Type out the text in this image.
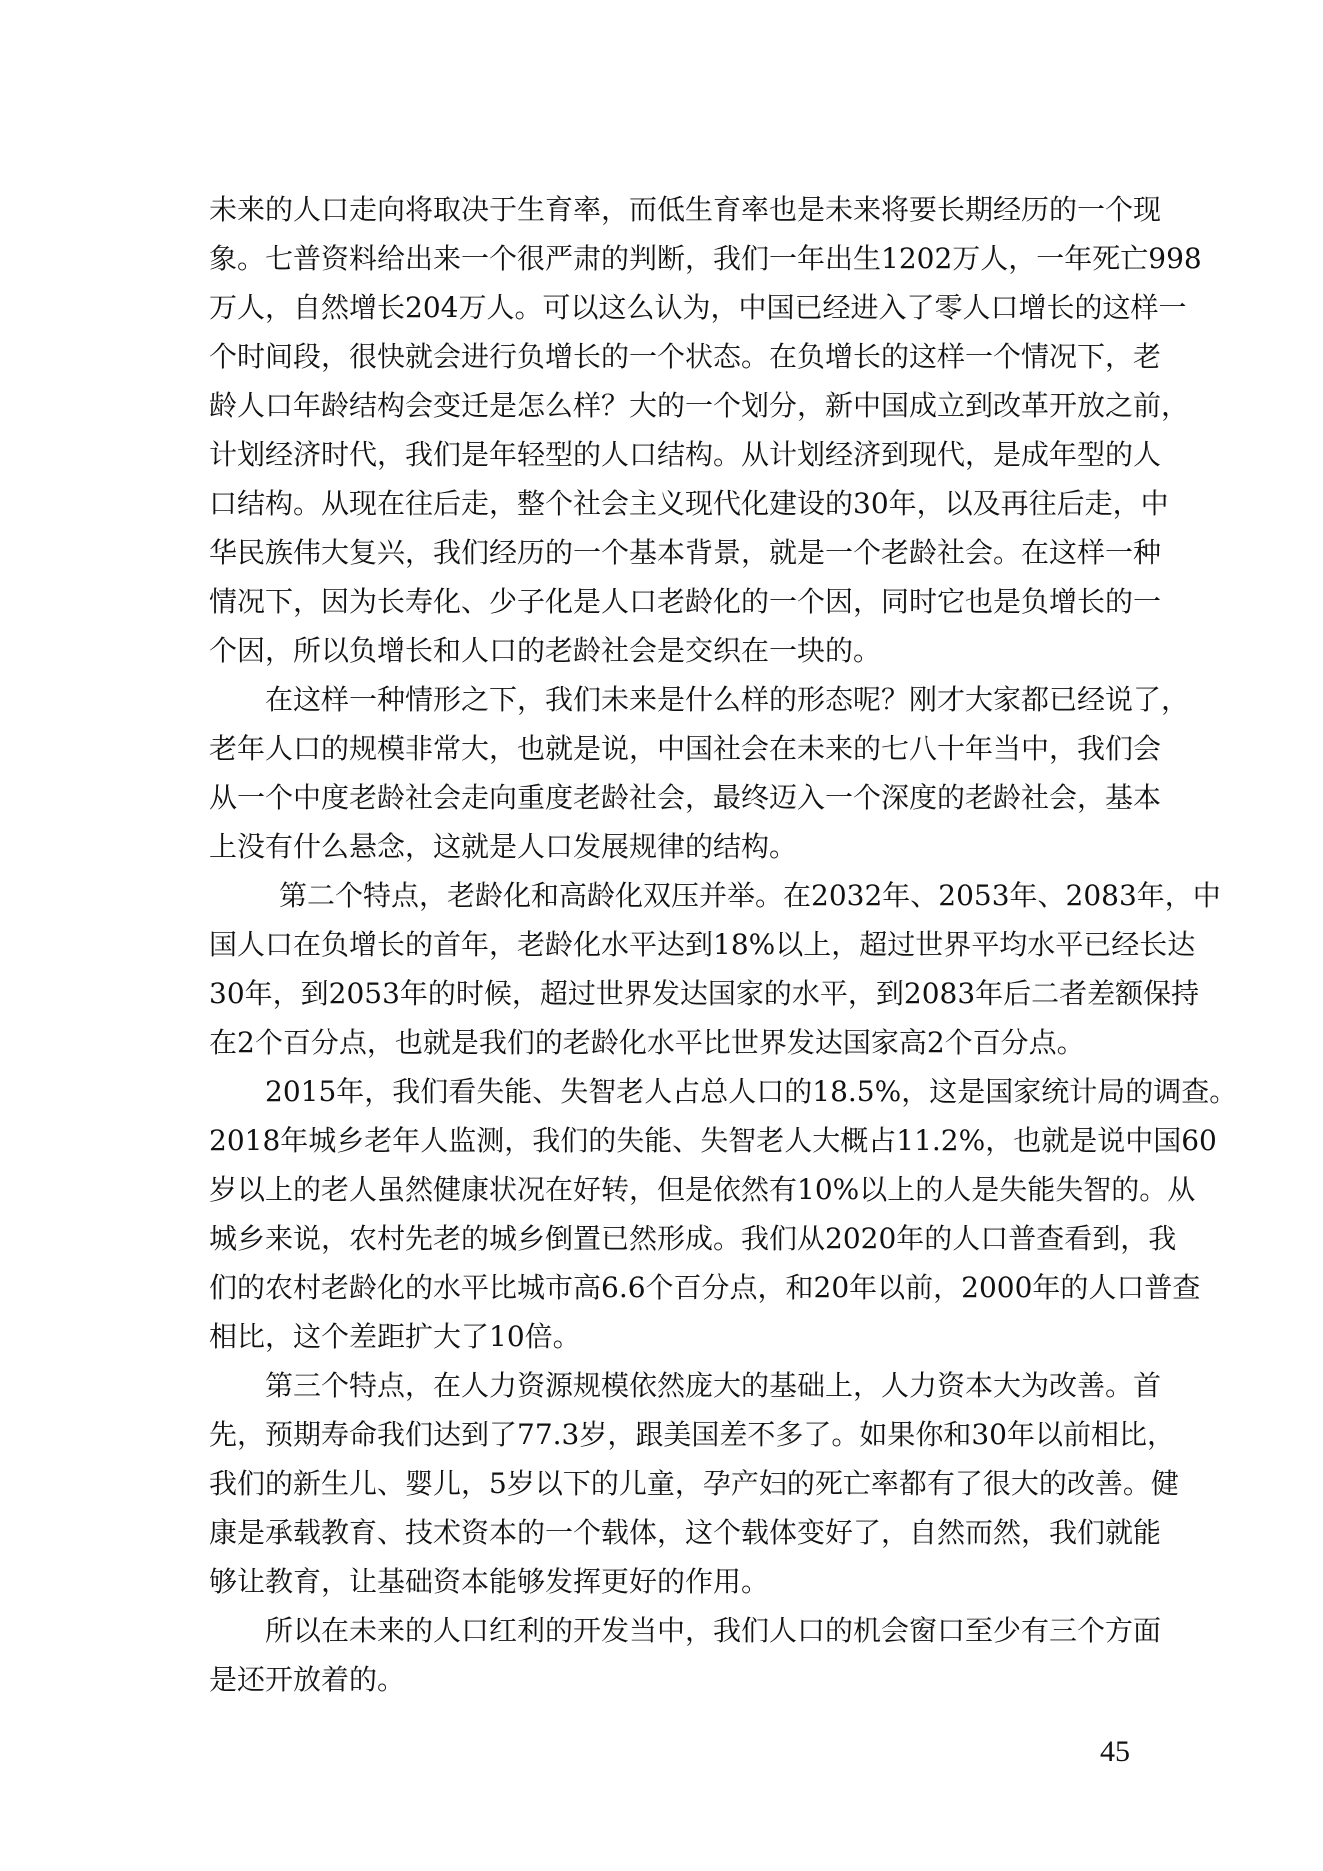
未来的人口走向将取决于生育率，而低生育率也是未来将要长期经历的一个现
象。七普资料给出来一个很严肃的判断，我们一年出生1202万人，一年死亡998
万人，自然增长204万人。可以这么认为，中国已经进入了零人口增长的这样一
个时间段，很快就会进行负增长的一个状态。在负增长的这样一个情况下，老
龄人口年龄结构会变迁是怎么样？大的一个划分，新中国成立到改革开放之前，
计划经济时代，我们是年轻型的人口结构。从计划经济到现代，是成年型的人
口结构。从现在往后走，整个社会主义现代化建设的30年，以及再往后走，中
华民族伟大复兴，我们经历的一个基本背景，就是一个老龄社会。在这样一种
情况下，因为长寿化、少子化是人口老龄化的一个因，同时它也是负增长的一
个因，所以负增长和人口的老龄社会是交织在一块的。
在这样一种情形之下，我们未来是什么样的形态呢？刚才大家都已经说了，
老年人口的规模非常大，也就是说，中国社会在未来的七八十年当中，我们会
从一个中度老龄社会走向重度老龄社会，最终迈入一个深度的老龄社会，基本
上没有什么悬念，这就是人口发展规律的结构。
第二个特点，老龄化和高龄化双压并举。在2032年、2053年、2083年，中
国人口在负增长的首年，老龄化水平达到18%以上，超过世界平均水平已经长达
30年，到2053年的时候，超过世界发达国家的水平，到2083年后二者差额保持
在2个百分点，也就是我们的老龄化水平比世界发达国家高2个百分点。
2015年，我们看失能、失智老人占总人口的18.5%，这是国家统计局的调查。
2018年城乡老年人监测，我们的失能、失智老人大概占11.2%，也就是说中国60
岁以上的老人虽然健康状况在好转，但是依然有10%以上的人是失能失智的。从
城乡来说，农村先老的城乡倒置已然形成。我们从2020年的人口普查看到，我
们的农村老龄化的水平比城市高6.6个百分点，和20年以前，2000年的人口普查
相比，这个差距扩大了10倍。
第三个特点，在人力资源规模依然庞大的基础上，人力资本大为改善。首
先，预期寿命我们达到了77.3岁，跟美国差不多了。如果你和30年以前相比，
我们的新生儿、婴儿，5岁以下的儿童，孕产妇的死亡率都有了很大的改善。健
康是承载教育、技术资本的一个载体，这个载体变好了，自然而然，我们就能
够让教育，让基础资本能够发挥更好的作用。
所以在未来的人口红利的开发当中，我们人口的机会窗口至少有三个方面
是还开放着的。
45
